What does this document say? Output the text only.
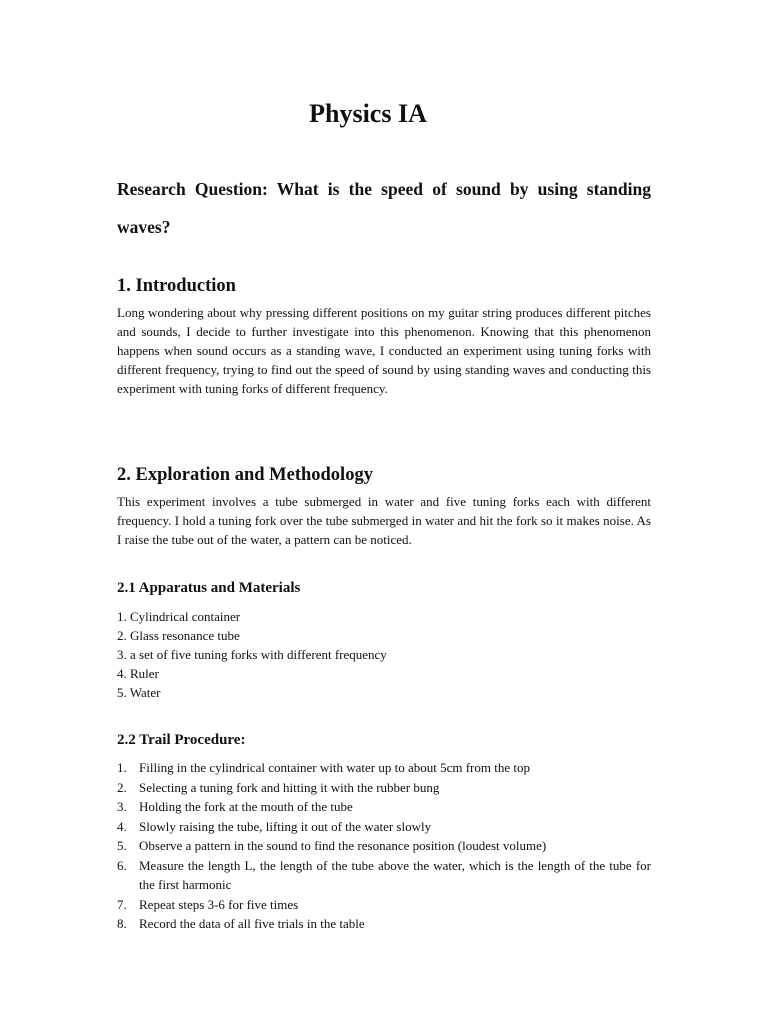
Physics IA

Research Question: What is the speed of sound by using standing waves?

1. Introduction

Long wondering about why pressing different positions on my guitar string produces different pitches and sounds, I decide to further investigate into this phenomenon. Knowing that this phenomenon happens when sound occurs as a standing wave, I conducted an experiment using tuning forks with different frequency, trying to find out the speed of sound by using standing waves and conducting this experiment with tuning forks of different frequency.

2. Exploration and Methodology

This experiment involves a tube submerged in water and five tuning forks each with different frequency. I hold a tuning fork over the tube submerged in water and hit the fork so it makes noise. As I raise the tube out of the water, a pattern can be noticed.

2.1 Apparatus and Materials
1. Cylindrical container
2. Glass resonance tube
3. a set of five tuning forks with different frequency
4. Ruler
5. Water
2.2 Trail Procedure:
1. Filling in the cylindrical container with water up to about 5cm from the top
2. Selecting a tuning fork and hitting it with the rubber bung
3. Holding the fork at the mouth of the tube
4. Slowly raising the tube, lifting it out of the water slowly
5. Observe a pattern in the sound to find the resonance position (loudest volume)
6. Measure the length L, the length of the tube above the water, which is the length of the tube for the first harmonic
7. Repeat steps 3-6 for five times
8. Record the data of all five trials in the table
